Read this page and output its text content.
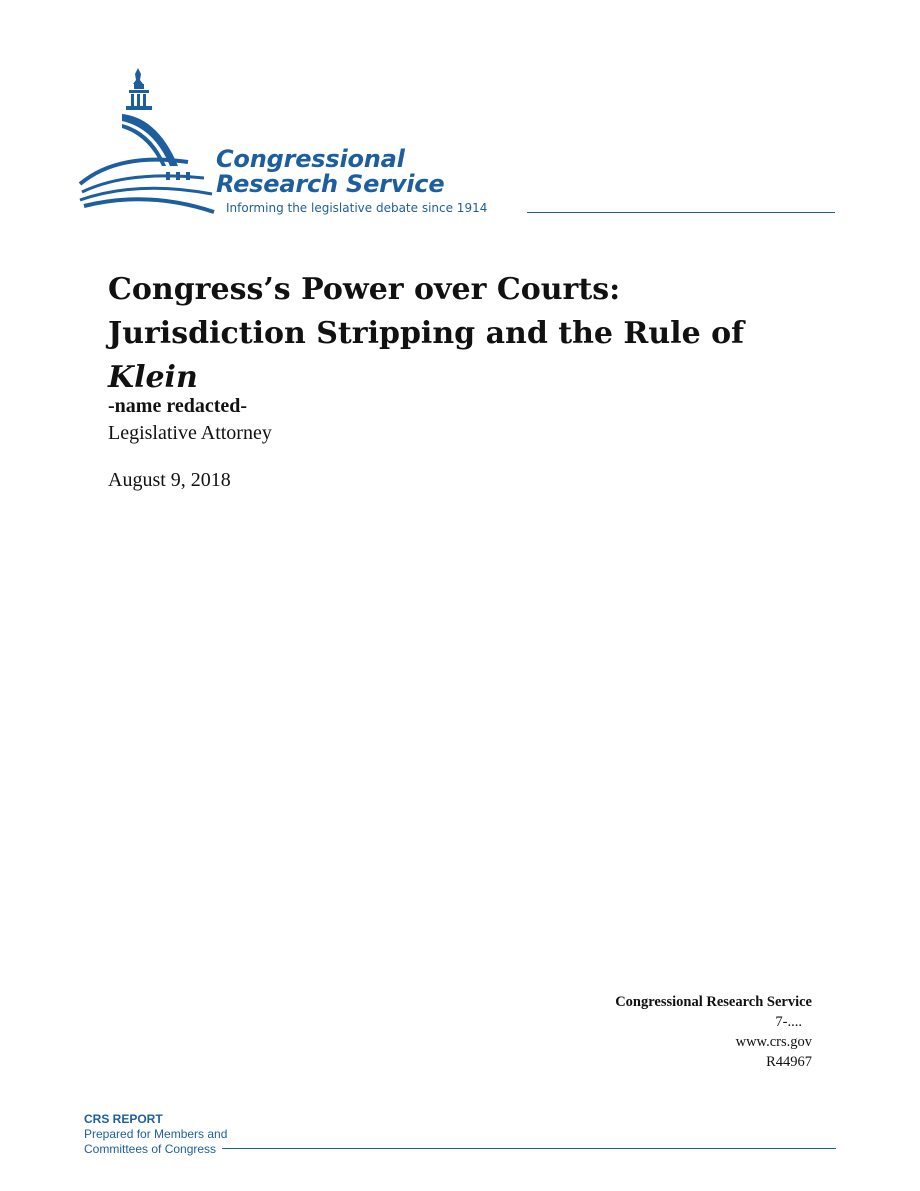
Congressional
Research Service
Informing the legislative debate since 1914
Congress’s Power over Courts: Jurisdiction Stripping and the Rule of Klein
-name redacted-
Legislative Attorney
August 9, 2018
Congressional Research Service
7-....
www.crs.gov
R44967
CRS REPORT
Prepared for Members and
Committees of Congress
